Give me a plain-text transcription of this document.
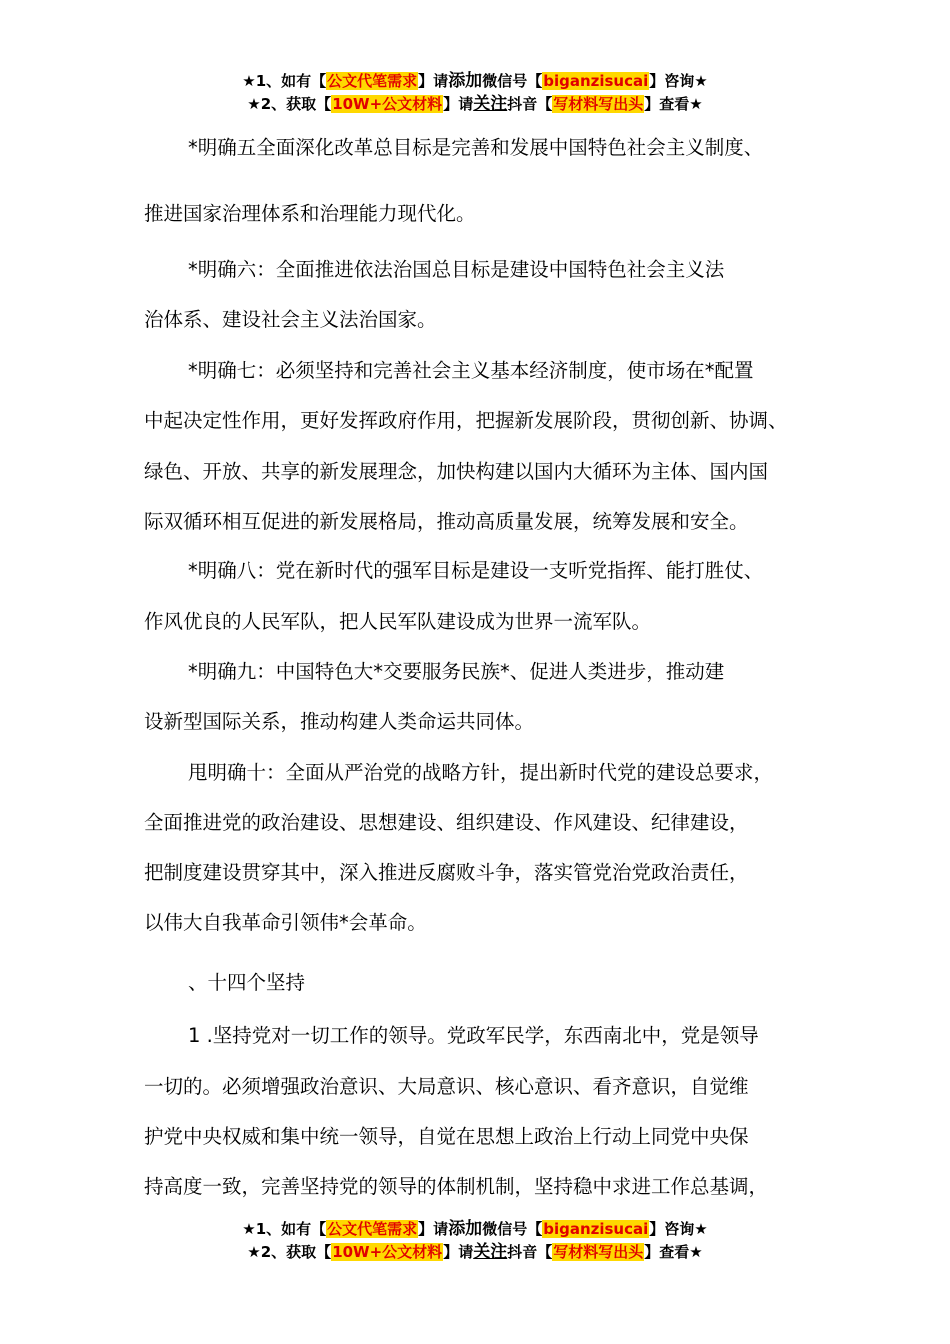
★1、如有【公文代笔需求】请添加微信号【biganzisucai】咨询★
★2、获取【10W+公文材料】请关注抖音【写材料写出头】查看★
*明确五全面深化改革总目标是完善和发展中国特色社会主义制度、
推进国家治理体系和治理能力现代化。
*明确六：全面推进依法治国总目标是建设中国特色社会主义法
治体系、建设社会主义法治国家。
*明确七：必须坚持和完善社会主义基本经济制度，使市场在*配置
中起决定性作用，更好发挥政府作用，把握新发展阶段，贯彻创新、协调、
绿色、开放、共享的新发展理念，加快构建以国内大循环为主体、国内国
际双循环相互促进的新发展格局，推动高质量发展，统筹发展和安全。
*明确八：党在新时代的强军目标是建设一支听党指挥、能打胜仗、
作风优良的人民军队，把人民军队建设成为世界一流军队。
*明确九：中国特色大*交要服务民族*、促进人类进步，推动建
设新型国际关系，推动构建人类命运共同体。
甩明确十：全面从严治党的战略方针，提出新时代党的建设总要求，
全面推进党的政治建设、思想建设、组织建设、作风建设、纪律建设，
把制度建设贯穿其中，深入推进反腐败斗争，落实管党治党政治责任，
以伟大自我革命引领伟*会革命。
、十四个坚持
1 .坚持党对一切工作的领导。党政军民学，东西南北中，党是领导
一切的。必须增强政治意识、大局意识、核心意识、看齐意识，自觉维
护党中央权威和集中统一领导，自觉在思想上政治上行动上同党中央保
持高度一致，完善坚持党的领导的体制机制，坚持稳中求进工作总基调，
★1、如有【公文代笔需求】请添加微信号【biganzisucai】咨询★
★2、获取【10W+公文材料】请关注抖音【写材料写出头】查看★
